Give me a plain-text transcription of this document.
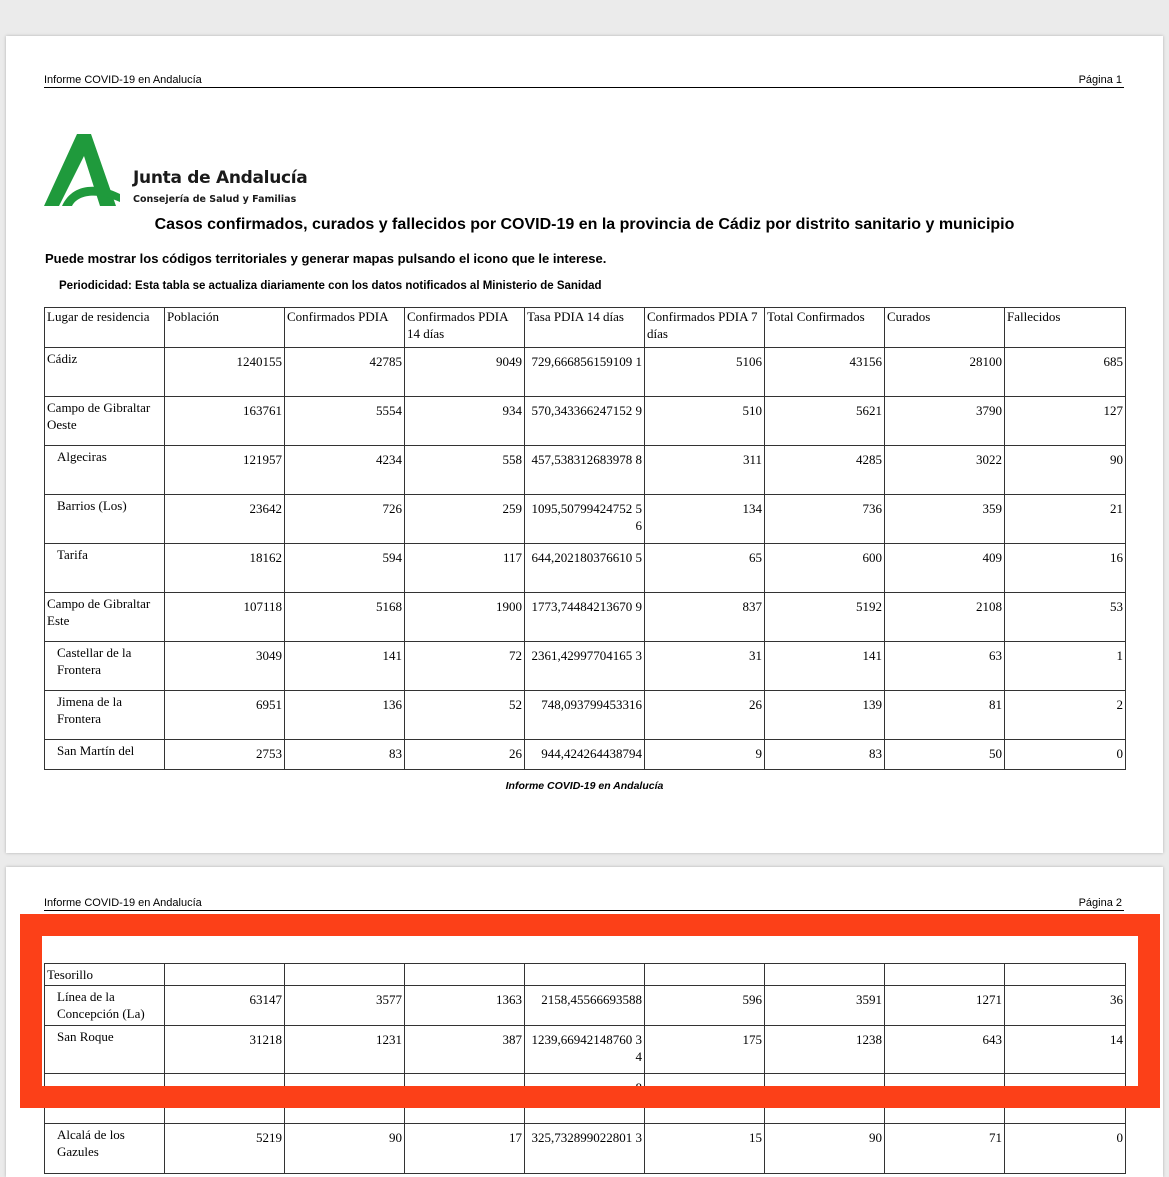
Informe COVID-19 en Andalucía	Página 1
Junta de Andalucía
Consejería de Salud y Familias
Casos confirmados, curados y fallecidos por COVID-19 en la provincia de Cádiz por distrito sanitario y municipio
Puede mostrar los códigos territoriales y generar mapas pulsando el icono que le interese.
Periodicidad: Esta tabla se actualiza diariamente con los datos notificados al Ministerio de Sanidad
Lugar de residencia	Población	Confirmados PDIA	Confirmados PDIA 14 días	Tasa PDIA 14 días	Confirmados PDIA 7 días	Total Confirmados	Curados	Fallecidos
Cádiz	1240155	42785	9049	729,666856159109 1	5106	43156	28100	685
Campo de Gibraltar Oeste	163761	5554	934	570,343366247152 9	510	5621	3790	127
Algeciras	121957	4234	558	457,538312683978 8	311	4285	3022	90
Barrios (Los)	23642	726	259	1095,50799424752 56	134	736	359	21
Tarifa	18162	594	117	644,202180376610 5	65	600	409	16
Campo de Gibraltar Este	107118	5168	1900	1773,74484213670 9	837	5192	2108	53
Castellar de la Frontera	3049	141	72	2361,42997704165 3	31	141	63	1
Jimena de la Frontera	6951	136	52	748,093799453316	26	139	81	2
San Martín del	2753	83	26	944,424264438794	9	83	50	0
Informe COVID-19 en Andalucía
Informe COVID-19 en Andalucía	Página 2
Tesorillo								
Línea de la Concepción (La)	63147	3577	1363	2158,45566693588	596	3591	1271	36
San Roque	31218	1231	387	1239,66942148760 34	175	1238	643	14
				8				
Alcalá de los Gazules	5219	90	17	325,732899022801 3	15	90	71	0
